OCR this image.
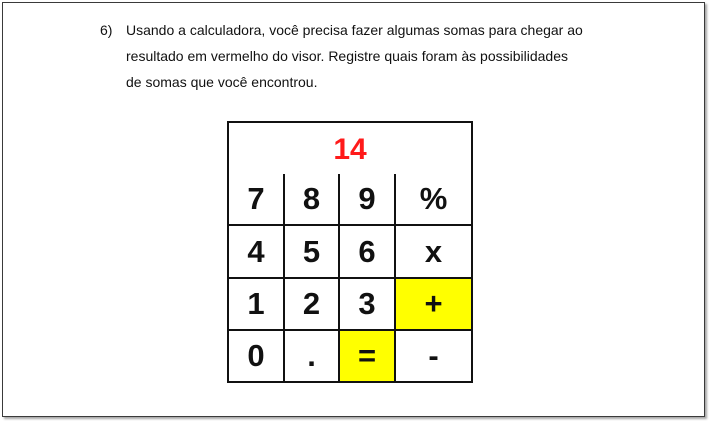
6) Usando a calculadora, você precisa fazer algumas somas para chegar ao
resultado em vermelho do visor. Registre quais foram às possibilidades
de somas que você encontrou.
14
7	8	9	%
4	5	6	x
1	2	3	+
0	.	=	-
